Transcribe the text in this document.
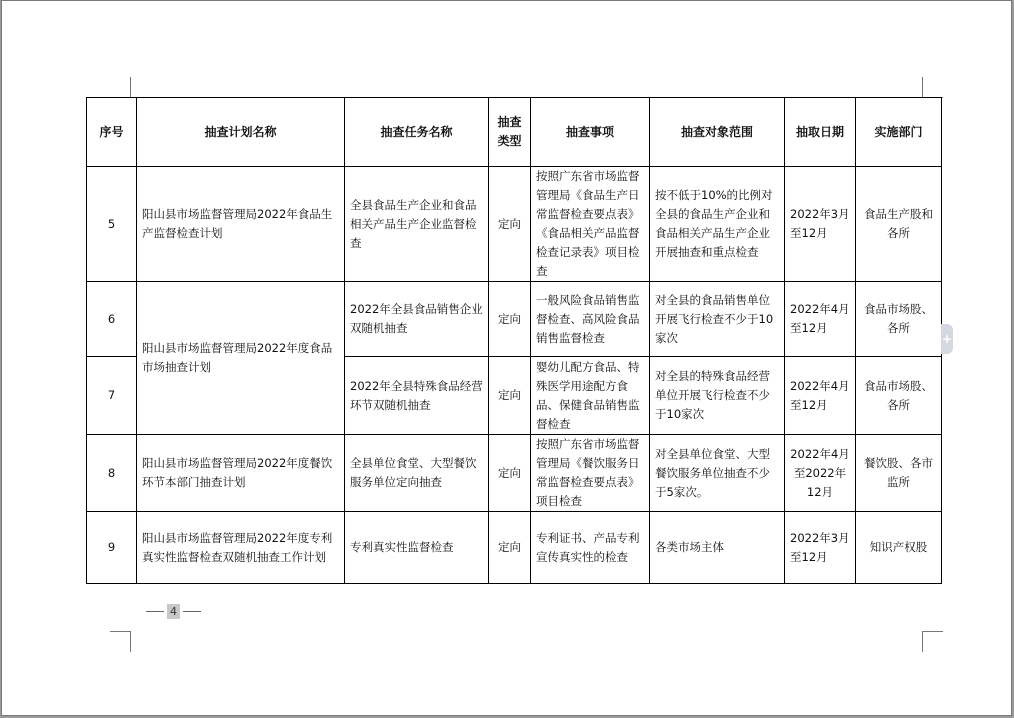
序号	抽查计划名称	抽查任务名称	抽查类型	抽查事项	抽查对象范围	抽取日期	实施部门
5	阳山县市场监督管理局2022年食品生产监督检查计划	全县食品生产企业和食品相关产品生产企业监督检查	定向	按照广东省市场监督管理局《食品生产日常监督检查要点表》《食品相关产品监督检查记录表》项目检查	按不低于10%的比例对全县的食品生产企业和食品相关产品生产企业开展抽查和重点检查	2022年3月至12月	食品生产股和各所
6	阳山县市场监督管理局2022年度食品市场抽查计划	2022年全县食品销售企业双随机抽查	定向	一般风险食品销售监督检查、高风险食品销售监督检查	对全县的食品销售单位开展飞行检查不少于10家次	2022年4月至12月	食品市场股、各所
7		2022年全县特殊食品经营环节双随机抽查	定向	婴幼儿配方食品、特殊医学用途配方食品、保健食品销售监督检查	对全县的特殊食品经营单位开展飞行检查不少于10家次	2022年4月至12月	食品市场股、各所
8	阳山县市场监督管理局2022年度餐饮环节本部门抽查计划	全县单位食堂、大型餐饮服务单位定向抽查	定向	按照广东省市场监督管理局《餐饮服务日常监督检查要点表》项目检查	对全县单位食堂、大型餐饮服务单位抽查不少于5家次。	2022年4月至2022年12月	餐饮股、各市监所
9	阳山县市场监督管理局2022年度专利真实性监督检查双随机抽查工作计划	专利真实性监督检查	定向	专利证书、产品专利宣传真实性的检查	各类市场主体	2022年3月至12月	知识产权股
4
+
